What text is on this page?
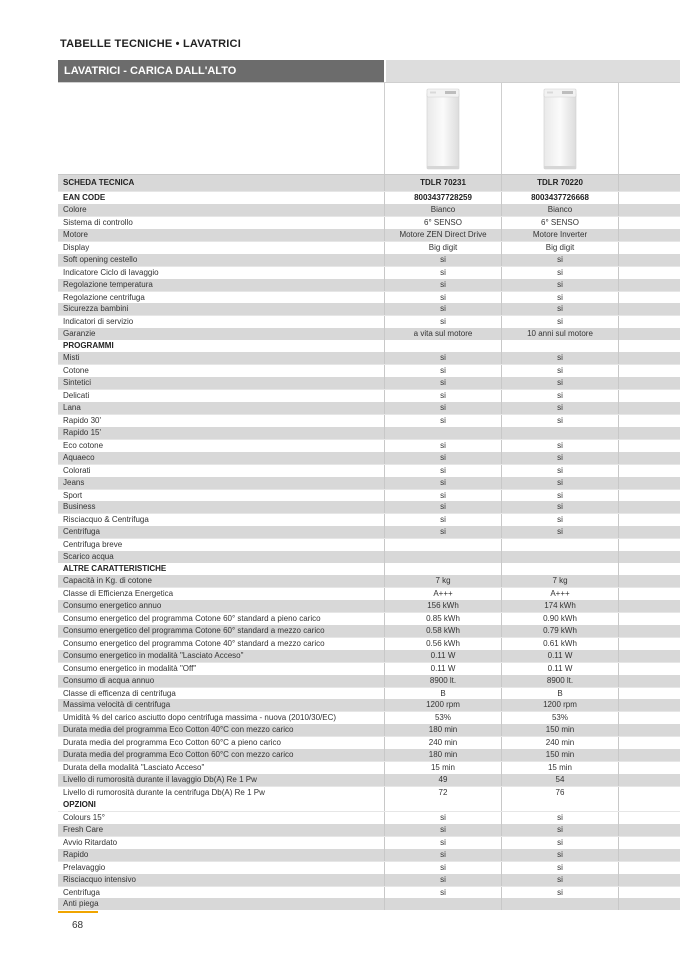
TABELLE TECNICHE • LAVATRICI
LAVATRICI - CARICA DALL'ALTO
SCHEDA TECNICA	TDLR 70231	TDLR 70220
EAN CODE	8003437728259	8003437726668
Colore	Bianco	Bianco
Sistema di controllo	6° SENSO	6° SENSO
Motore	Motore ZEN Direct Drive	Motore Inverter
Display	Big digit	Big digit
Soft opening cestello	si	si
Indicatore Ciclo di lavaggio	si	si
Regolazione temperatura	si	si
Regolazione centrifuga	si	si
Sicurezza bambini	si	si
Indicatori di servizio	si	si
Garanzie	a vita sul motore	10 anni sul motore
PROGRAMMI
Misti	si	si
Cotone	si	si
Sintetici	si	si
Delicati	si	si
Lana	si	si
Rapido 30'	si	si
Rapido 15'
Eco cotone	si	si
Aquaeco	si	si
Colorati	si	si
Jeans	si	si
Sport	si	si
Business	si	si
Risciacquo & Centrifuga	si	si
Centrifuga	si	si
Centrifuga breve
Scarico acqua
ALTRE CARATTERISTICHE
Capacità in Kg. di cotone	7 kg	7 kg
Classe di Efficienza Energetica	A+++	A+++
Consumo energetico annuo	156 kWh	174 kWh
Consumo energetico del programma Cotone 60° standard a pieno carico	0.85 kWh	0.90 kWh
Consumo energetico del programma Cotone 60° standard a mezzo carico	0.58 kWh	0.79 kWh
Consumo energetico del programma Cotone 40° standard a mezzo carico	0.56 kWh	0.61 kWh
Consumo energetico in modalità "Lasciato Acceso"	0.11 W	0.11 W
Consumo energetico in modalità "Off"	0.11 W	0.11 W
Consumo di acqua annuo	8900 lt.	8900 lt.
Classe di efficenza di centrifuga	B	B
Massima velocità di centrifuga	1200 rpm	1200 rpm
Umidità % del carico asciutto dopo centrifuga massima - nuova (2010/30/EC)	53%	53%
Durata media del programma Eco Cotton 40°C con mezzo carico	180 min	150 min
Durata media del programma Eco Cotton 60°C a pieno carico	240 min	240 min
Durata media del programma Eco Cotton 60°C con mezzo carico	180 min	150 min
Durata della modalità "Lasciato Acceso"	15 min	15 min
Livello di rumorosità durante il lavaggio Db(A) Re 1 Pw	49	54
Livello di rumorosità durante la centrifuga Db(A) Re 1 Pw	72	76
OPZIONI
Colours 15°	si	si
Fresh Care	si	si
Avvio Ritardato	si	si
Rapido	si	si
Prelavaggio	si	si
Risciacquo intensivo	si	si
Centrifuga	si	si
Anti piega
68
